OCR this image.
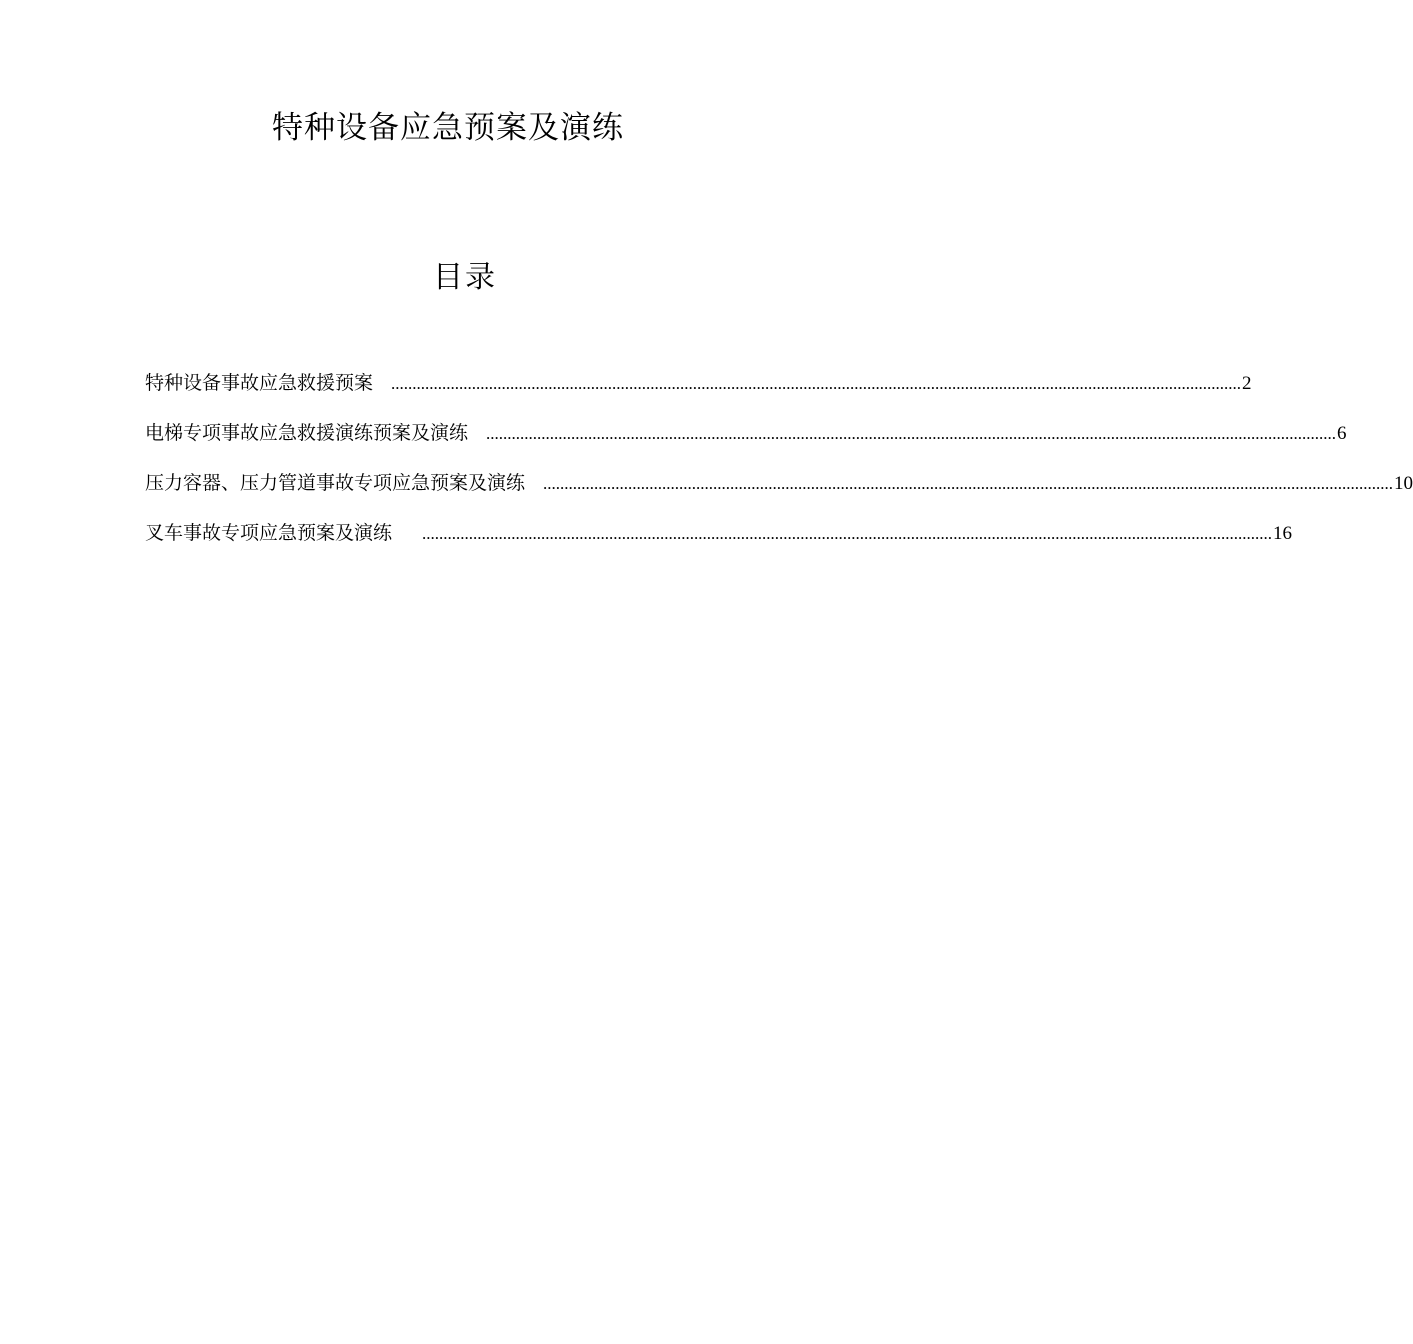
特种设备应急预案及演练
目录
特种设备事故应急救援预案 ........................................................................................................................................................................................................ 2
电梯专项事故应急救援演练预案及演练 ........................................................................................................................................................................................................ 6
压力容器、压力管道事故专项应急预案及演练 ........................................................................................................................................................................................................ 10
叉车事故专项应急预案及演练 ........................................................................................................................................................................................................ 16
